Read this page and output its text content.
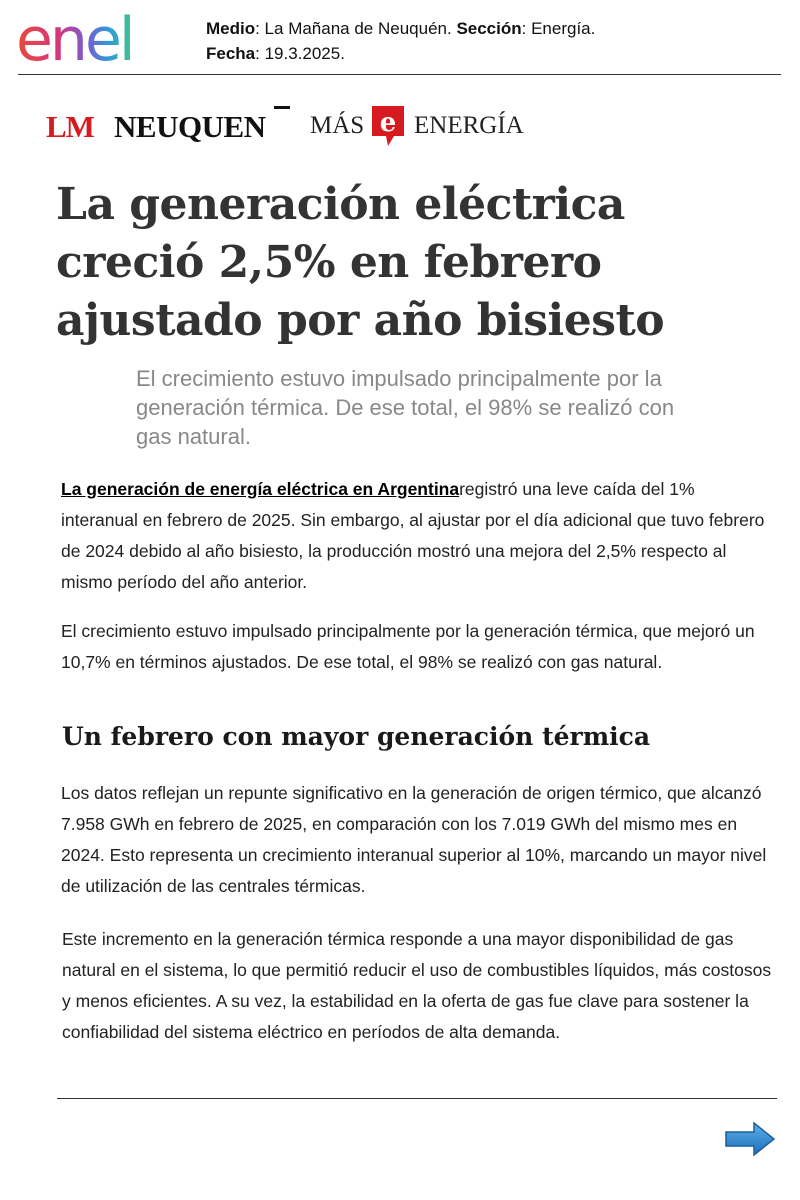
enel	Medio: La Mañana de Neuquén. Sección: Energía.
Fecha: 19.3.2025.
LM NEUQUEN MÁS e ENERGÍA
La generación eléctrica creció 2,5% en febrero ajustado por año bisiesto

El crecimiento estuvo impulsado principalmente por la generación térmica. De ese total, el 98% se realizó con gas natural.

La generación de energía eléctrica en Argentinaregistró una leve caída del 1% interanual en febrero de 2025. Sin embargo, al ajustar por el día adicional que tuvo febrero de 2024 debido al año bisiesto, la producción mostró una mejora del 2,5% respecto al mismo período del año anterior.

El crecimiento estuvo impulsado principalmente por la generación térmica, que mejoró un 10,7% en términos ajustados. De ese total, el 98% se realizó con gas natural.

Un febrero con mayor generación térmica

Los datos reflejan un repunte significativo en la generación de origen térmico, que alcanzó 7.958 GWh en febrero de 2025, en comparación con los 7.019 GWh del mismo mes en 2024. Esto representa un crecimiento interanual superior al 10%, marcando un mayor nivel de utilización de las centrales térmicas.

Este incremento en la generación térmica responde a una mayor disponibilidad de gas natural en el sistema, lo que permitió reducir el uso de combustibles líquidos, más costosos y menos eficientes. A su vez, la estabilidad en la oferta de gas fue clave para sostener la confiabilidad del sistema eléctrico en períodos de alta demanda.
